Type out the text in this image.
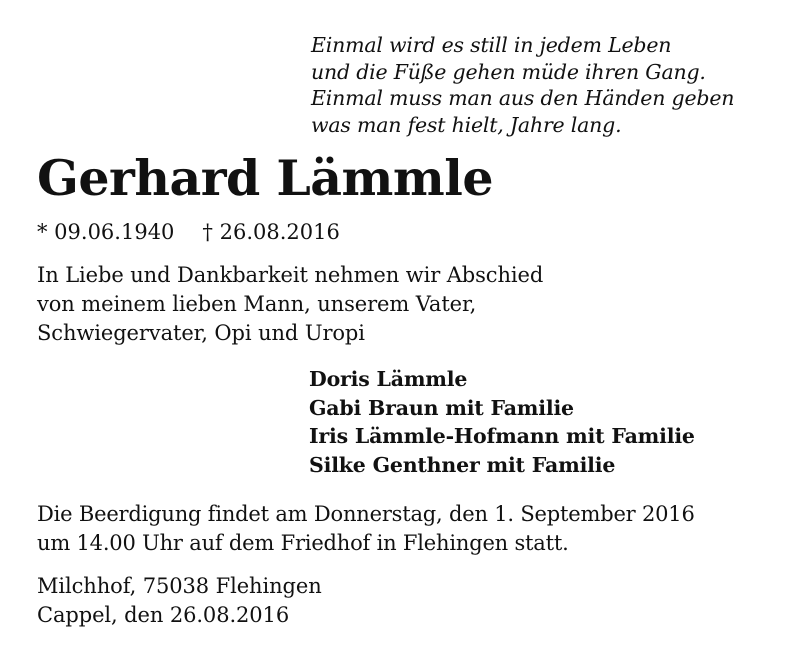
Einmal wird es still in jedem Leben
und die Füße gehen müde ihren Gang.
Einmal muss man aus den Händen geben
was man fest hielt, Jahre lang.
Gerhard Lämmle
* 09.06.1940 † 26.08.2016
In Liebe und Dankbarkeit nehmen wir Abschied
von meinem lieben Mann, unserem Vater,
Schwiegervater, Opi und Uropi
Doris Lämmle
Gabi Braun mit Familie
Iris Lämmle-Hofmann mit Familie
Silke Genthner mit Familie
Die Beerdigung findet am Donnerstag, den 1. September 2016
um 14.00 Uhr auf dem Friedhof in Flehingen statt.
Milchhof, 75038 Flehingen
Cappel, den 26.08.2016
